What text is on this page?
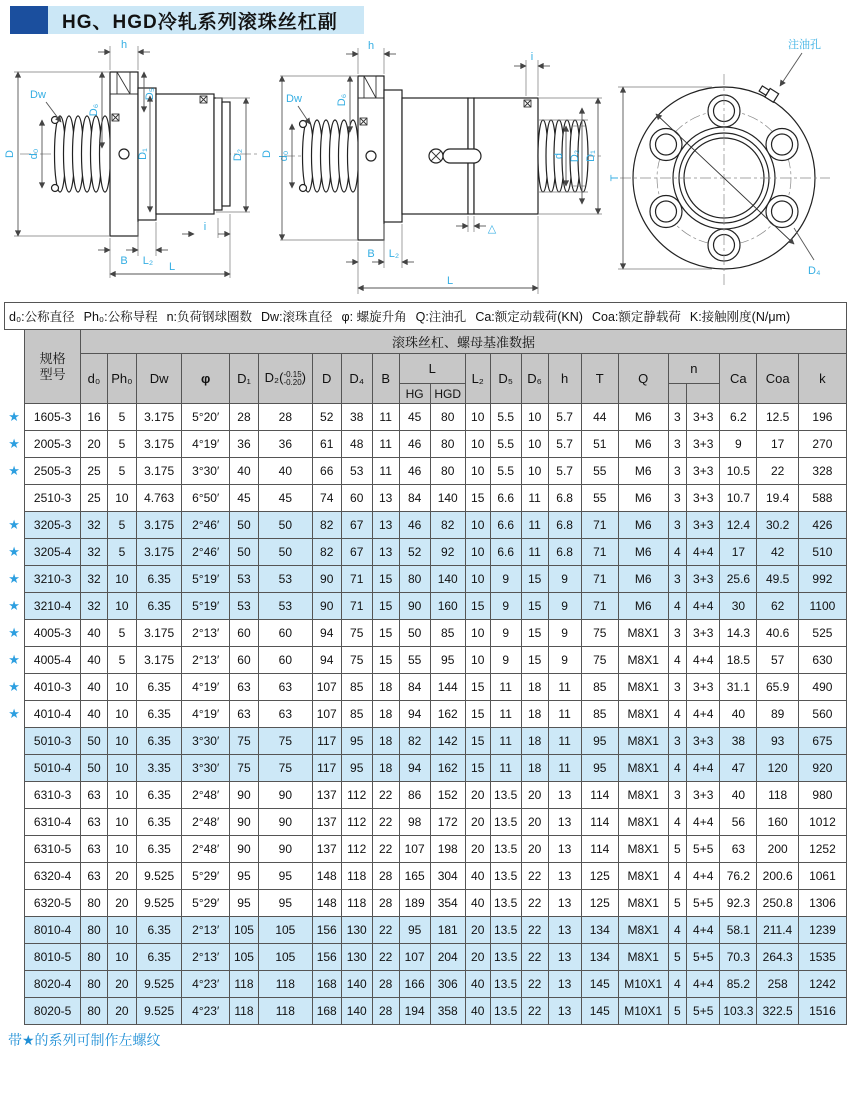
HG、HGD冷轧系列滚珠丝杠副
D d₀
Dw
h
D₆
D₅
D₁	D₂ D
B L₂
i
L
h
i
Dw	D₆
d₀	d D₂ D₁
△
B L₂
L
注油孔
T
D₄
d₀:公称直径 Ph₀:公称导程 n:负荷钢球圈数 Dw:滚珠直径 φ: 螺旋升角 Q:注油孔 Ca:额定动载荷(KN) Coa:额定静载荷 K:接触刚度(N/μm)

	规格
型号	滚珠丝杠、螺母基准数据																					
		d₀	Ph₀	Dw	φ	D₁	D₂( -0.15
-0.20 )	D	D₄	B	L		L₂	D₅	D₆	h	T	Q	n		Ca	Coa	k
											HG	HGD											
★	1605-3	16	5	3.175	5°20′	28	28	52	38	11	45	80	10	5.5	10	5.7	44	M6	3	3+3	6.2	12.5	196
★	2005-3	20	5	3.175	4°19′	36	36	61	48	11	46	80	10	5.5	10	5.7	51	M6	3	3+3	9	17	270
★	2505-3	25	5	3.175	3°30′	40	40	66	53	11	46	80	10	5.5	10	5.7	55	M6	3	3+3	10.5	22	328
	2510-3	25	10	4.763	6°50′	45	45	74	60	13	84	140	15	6.6	11	6.8	55	M6	3	3+3	10.7	19.4	588
★	3205-3	32	5	3.175	2°46′	50	50	82	67	13	46	82	10	6.6	11	6.8	71	M6	3	3+3	12.4	30.2	426
★	3205-4	32	5	3.175	2°46′	50	50	82	67	13	52	92	10	6.6	11	6.8	71	M6	4	4+4	17	42	510
★	3210-3	32	10	6.35	5°19′	53	53	90	71	15	80	140	10	9	15	9	71	M6	3	3+3	25.6	49.5	992
★	3210-4	32	10	6.35	5°19′	53	53	90	71	15	90	160	15	9	15	9	71	M6	4	4+4	30	62	1100
★	4005-3	40	5	3.175	2°13′	60	60	94	75	15	50	85	10	9	15	9	75	M8X1	3	3+3	14.3	40.6	525
★	4005-4	40	5	3.175	2°13′	60	60	94	75	15	55	95	10	9	15	9	75	M8X1	4	4+4	18.5	57	630
★	4010-3	40	10	6.35	4°19′	63	63	107	85	18	84	144	15	11	18	11	85	M8X1	3	3+3	31.1	65.9	490
★	4010-4	40	10	6.35	4°19′	63	63	107	85	18	94	162	15	11	18	11	85	M8X1	4	4+4	40	89	560
	5010-3	50	10	6.35	3°30′	75	75	117	95	18	82	142	15	11	18	11	95	M8X1	3	3+3	38	93	675
	5010-4	50	10	3.35	3°30′	75	75	117	95	18	94	162	15	11	18	11	95	M8X1	4	4+4	47	120	920
	6310-3	63	10	6.35	2°48′	90	90	137	112	22	86	152	20	13.5	20	13	114	M8X1	3	3+3	40	118	980
	6310-4	63	10	6.35	2°48′	90	90	137	112	22	98	172	20	13.5	20	13	114	M8X1	4	4+4	56	160	1012
	6310-5	63	10	6.35	2°48′	90	90	137	112	22	107	198	20	13.5	20	13	114	M8X1	5	5+5	63	200	1252
	6320-4	63	20	9.525	5°29′	95	95	148	118	28	165	304	40	13.5	22	13	125	M8X1	4	4+4	76.2	200.6	1061
	6320-5	80	20	9.525	5°29′	95	95	148	118	28	189	354	40	13.5	22	13	125	M8X1	5	5+5	92.3	250.8	1306
	8010-4	80	10	6.35	2°13′	105	105	156	130	22	95	181	20	13.5	22	13	134	M8X1	4	4+4	58.1	211.4	1239
	8010-5	80	10	6.35	2°13′	105	105	156	130	22	107	204	20	13.5	22	13	134	M8X1	5	5+5	70.3	264.3	1535
	8020-4	80	20	9.525	4°23′	118	118	168	140	28	166	306	40	13.5	22	13	145	M10X1	4	4+4	85.2	258	1242
	8020-5	80	20	9.525	4°23′	118	118	168	140	28	194	358	40	13.5	22	13	145	M10X1	5	5+5	103.3	322.5	1516
带★的系列可制作左螺纹
